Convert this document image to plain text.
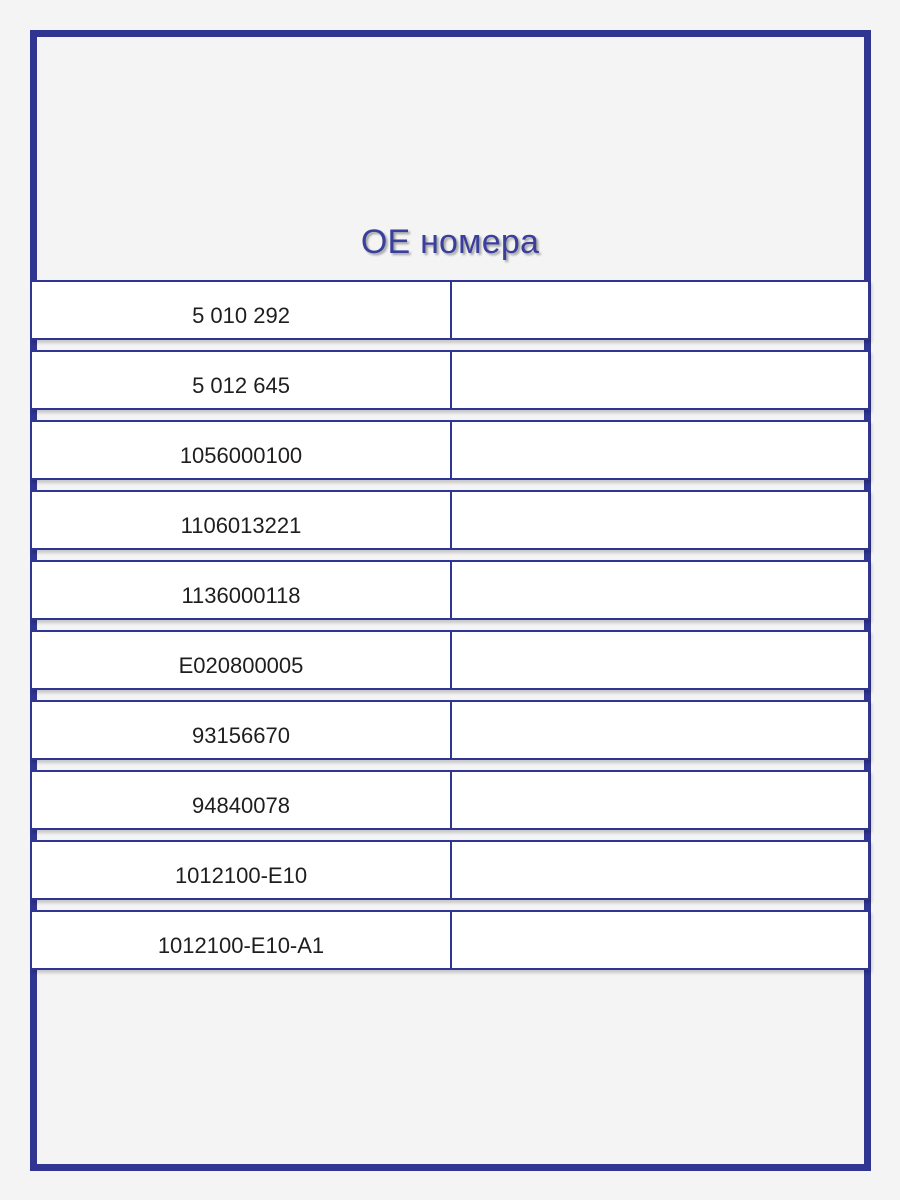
ОЕ номера
5 010 292
5 012 645
1056000100
1106013221
1136000118
E020800005
93156670
94840078
1012100-E10
1012100-E10-A1
